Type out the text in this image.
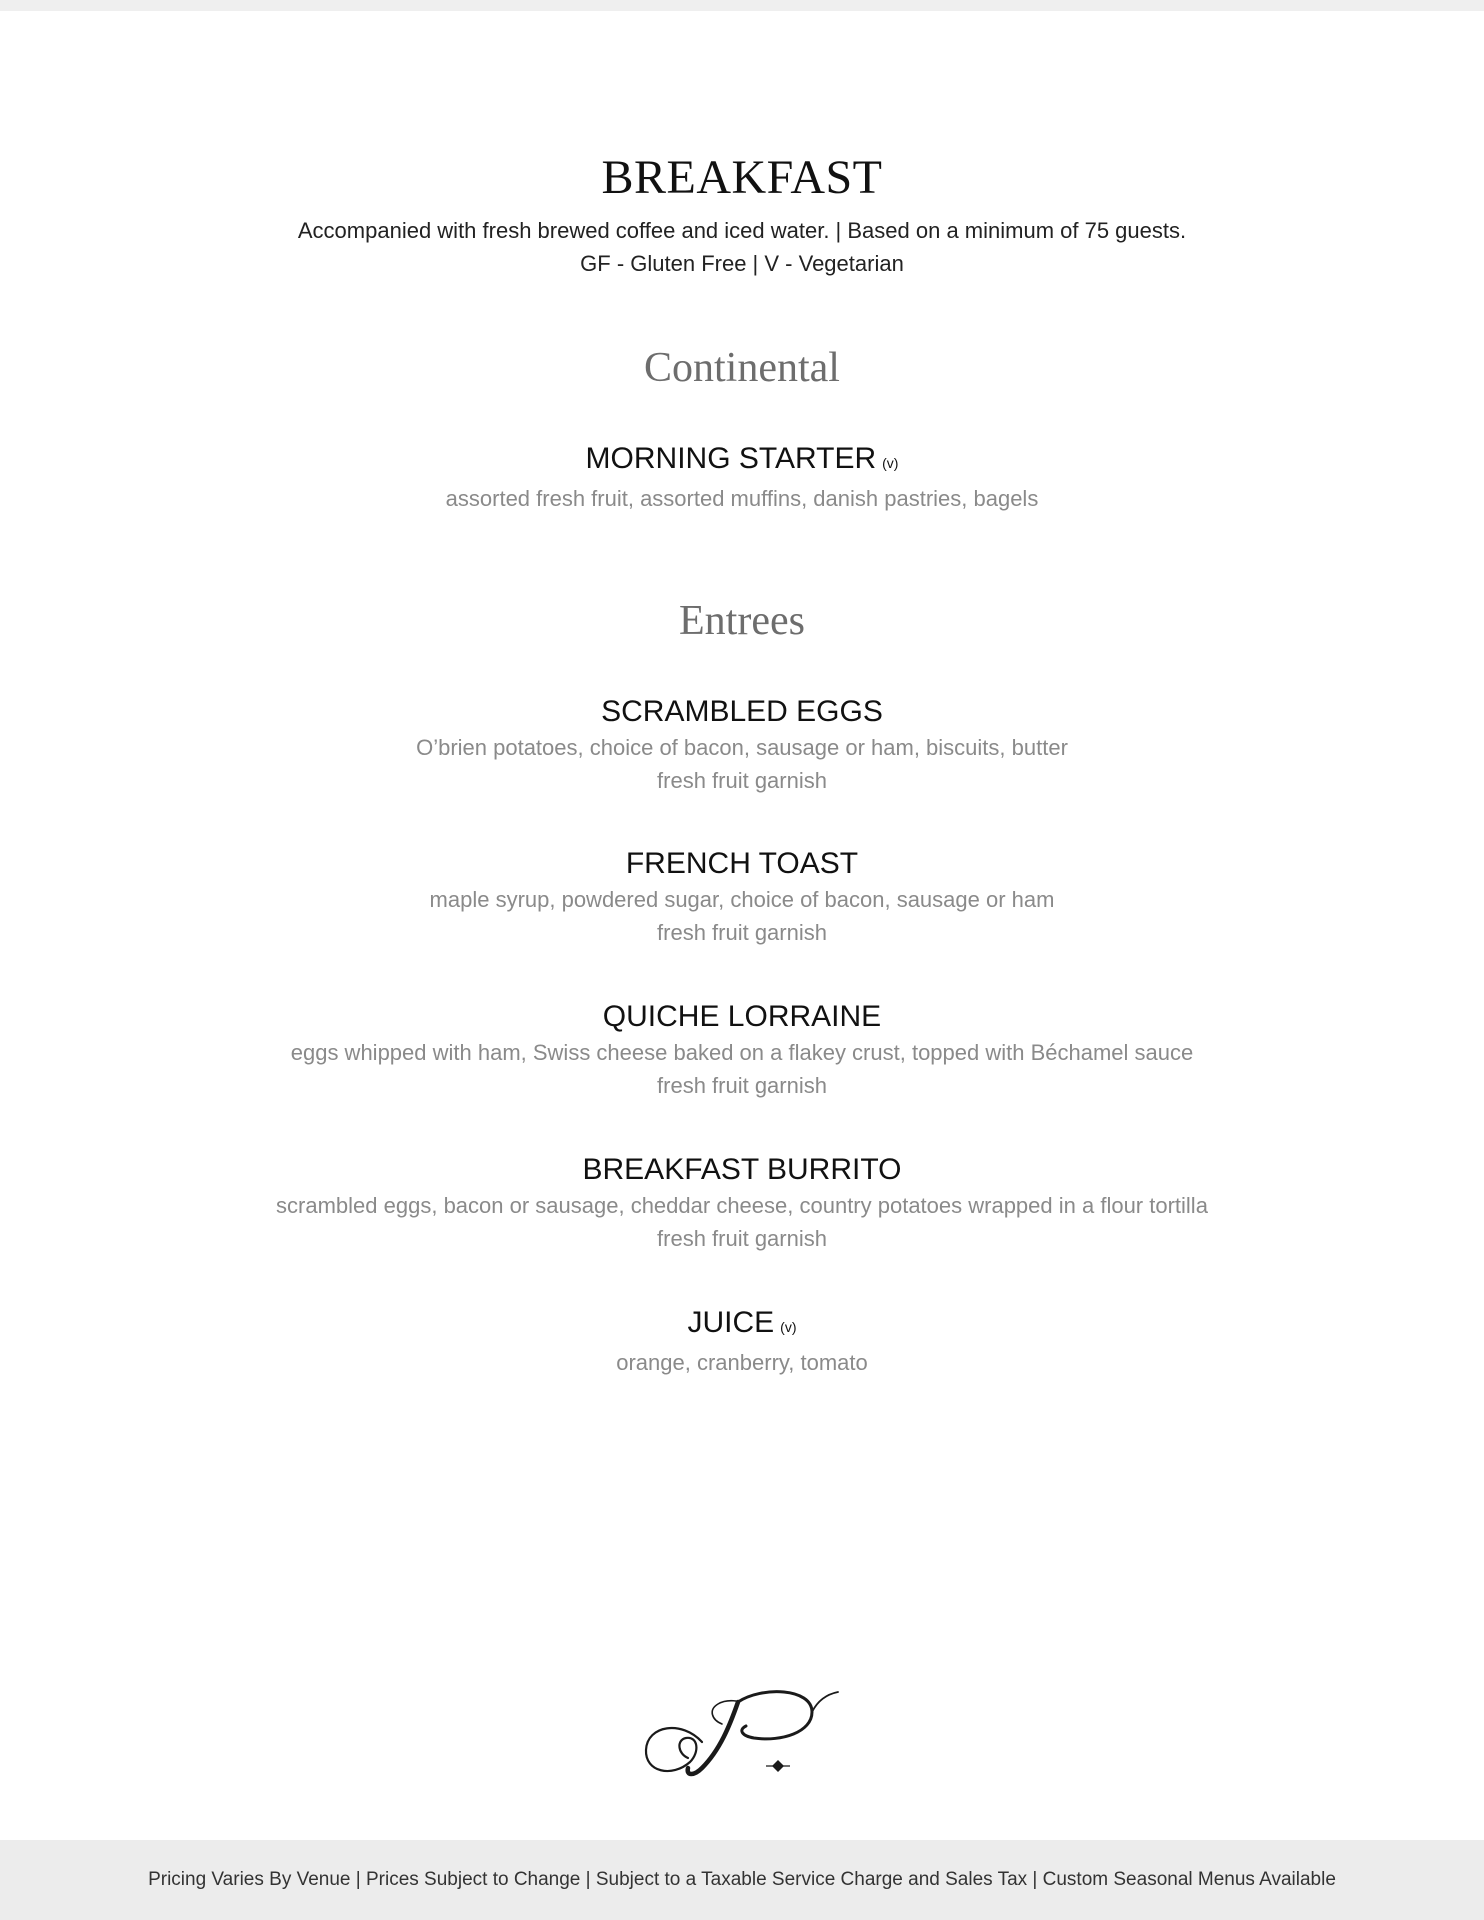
BREAKFAST
Accompanied with fresh brewed coffee and iced water. | Based on a minimum of 75 guests.
GF - Gluten Free | V - Vegetarian
Continental
MORNING STARTER (v)
assorted fresh fruit, assorted muffins, danish pastries, bagels
Entrees
SCRAMBLED EGGS
O’brien potatoes, choice of bacon, sausage or ham, biscuits, butter
fresh fruit garnish
FRENCH TOAST
maple syrup, powdered sugar, choice of bacon, sausage or ham
fresh fruit garnish
QUICHE LORRAINE
eggs whipped with ham, Swiss cheese baked on a flakey crust, topped with Béchamel sauce
fresh fruit garnish
BREAKFAST BURRITO
scrambled eggs, bacon or sausage, cheddar cheese, country potatoes wrapped in a flour tortilla
fresh fruit garnish
JUICE (v)
orange, cranberry, tomato
Pricing Varies By Venue | Prices Subject to Change | Subject to a Taxable Service Charge and Sales Tax | Custom Seasonal Menus Available
